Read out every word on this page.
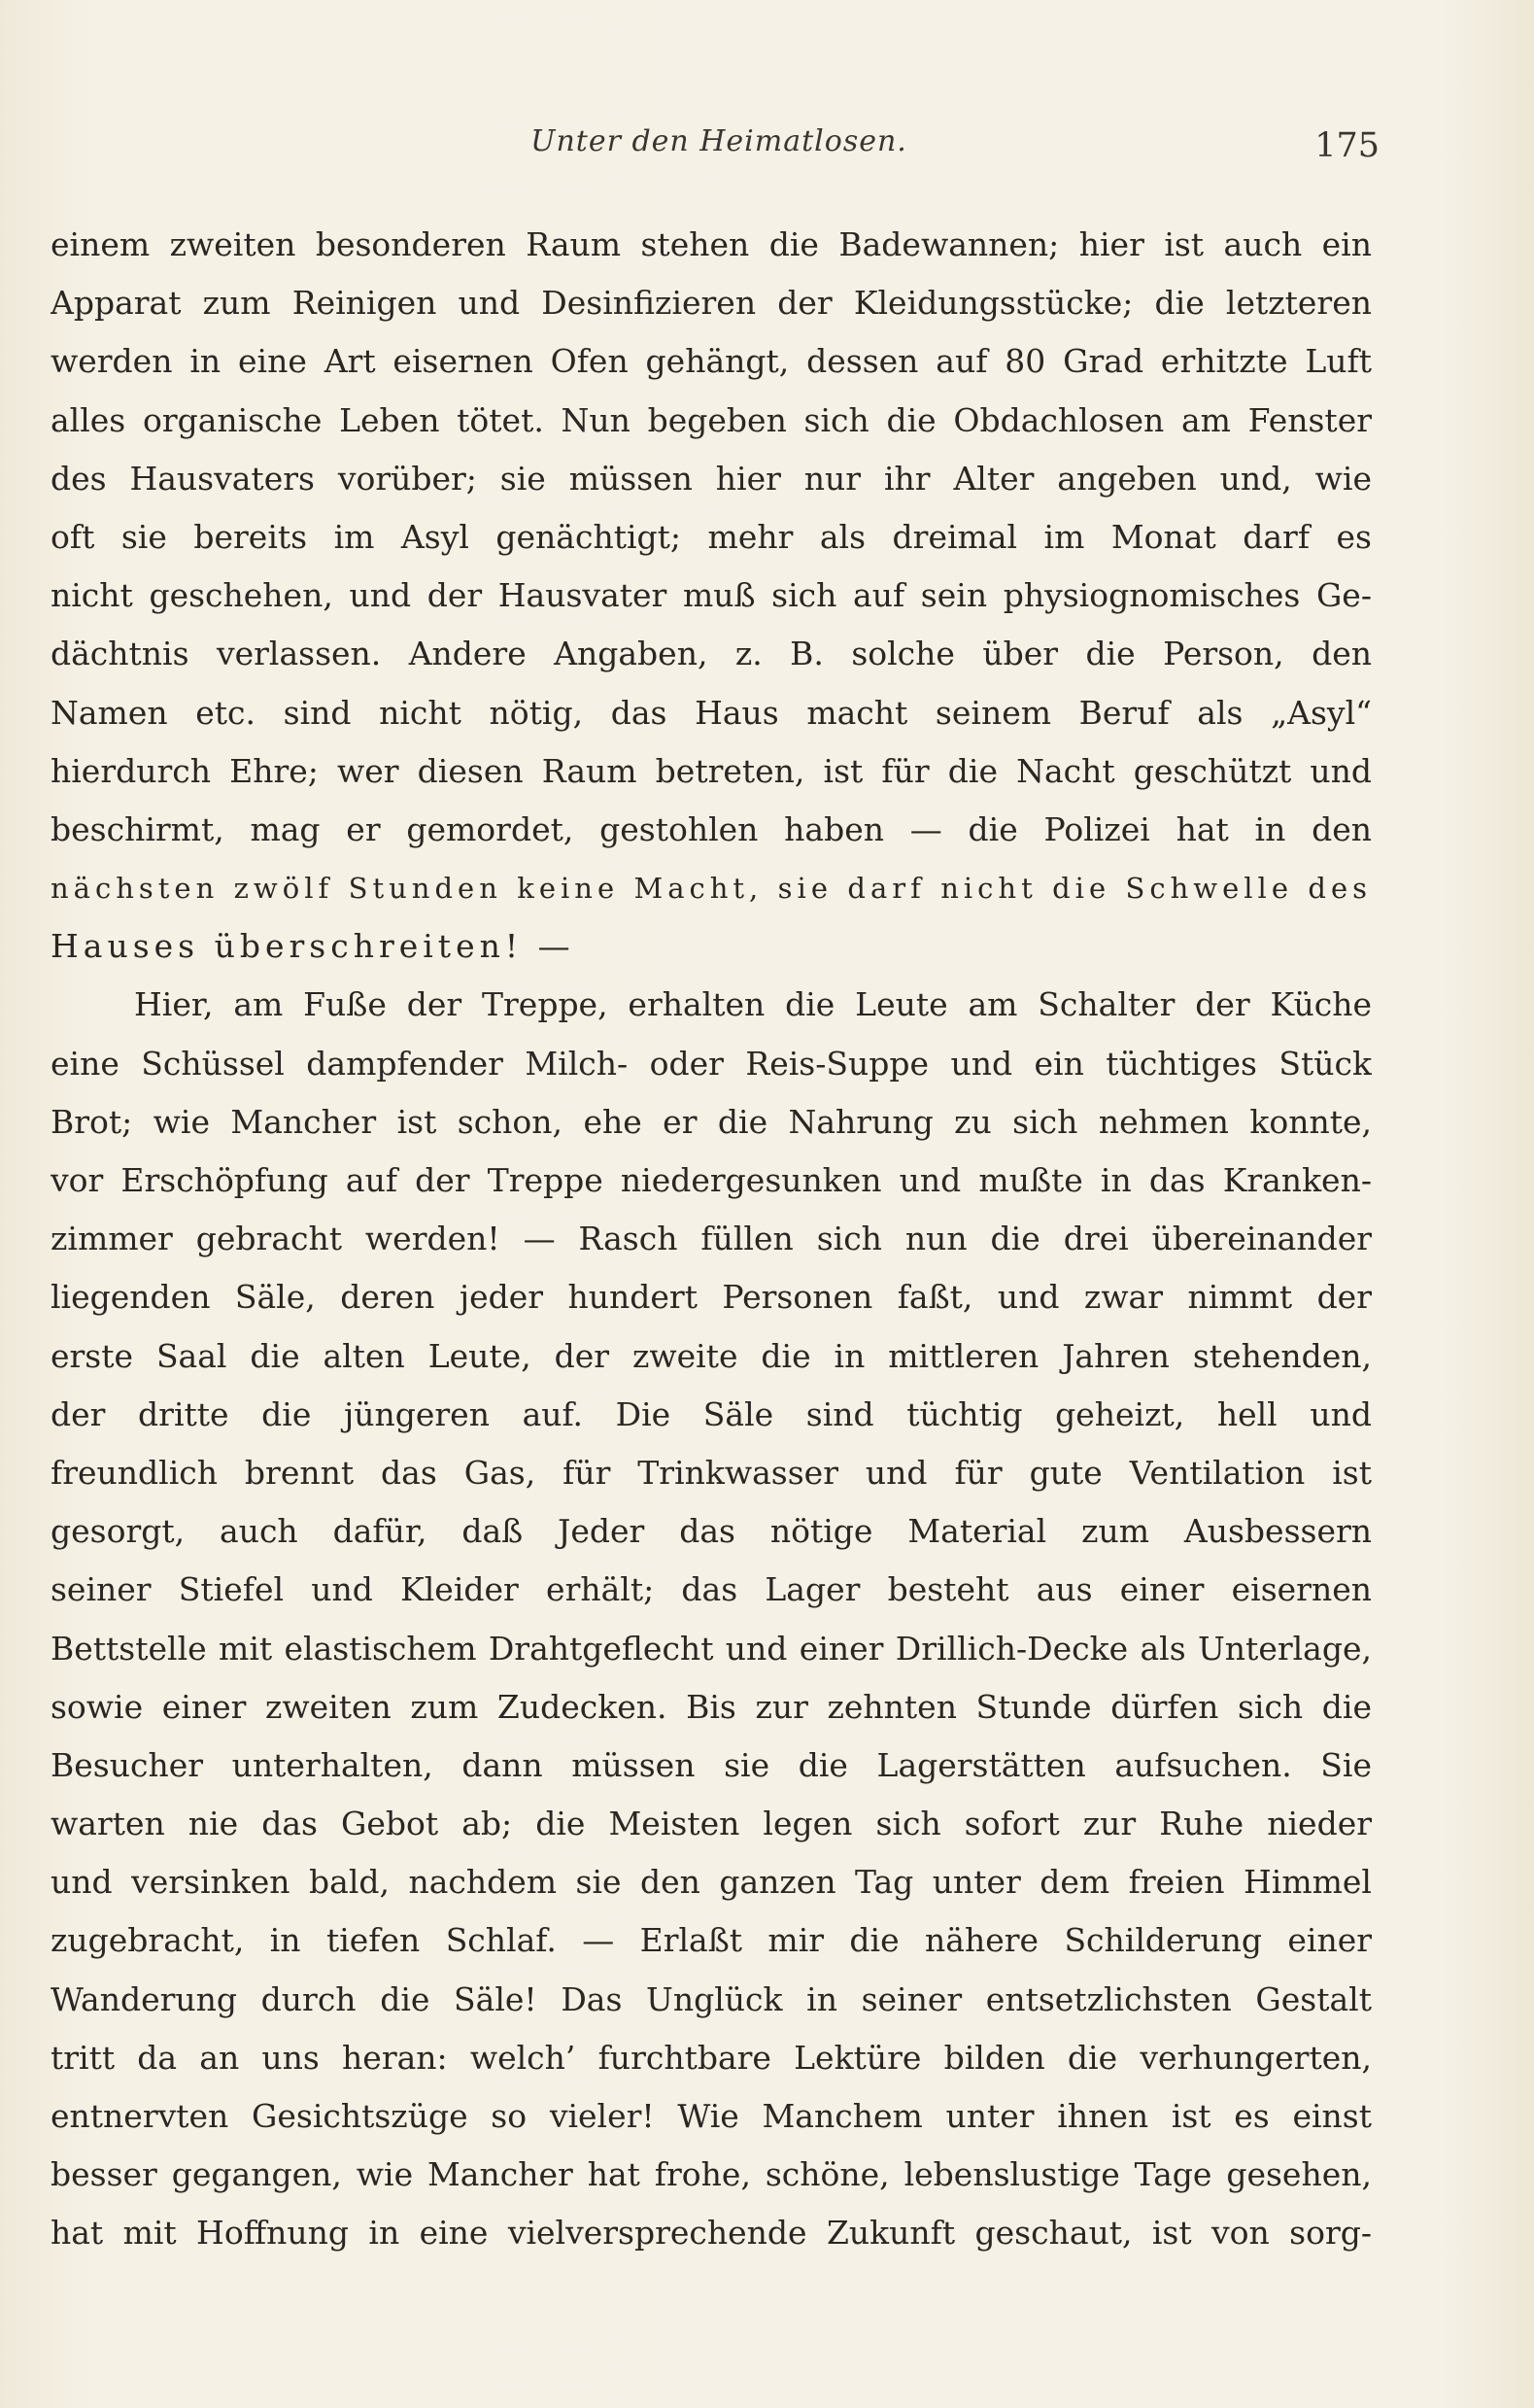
Unter den Heimatlosen.	175
einem zweiten besonderen Raum stehen die Badewannen; hier ist auch ein
Apparat zum Reinigen und Desinfizieren der Kleidungsstücke; die letzteren
werden in eine Art eisernen Ofen gehängt, dessen auf 80 Grad erhitzte Luft
alles organische Leben tötet. Nun begeben sich die Obdachlosen am Fenster
des Hausvaters vorüber; sie müssen hier nur ihr Alter angeben und, wie
oft sie bereits im Asyl genächtigt; mehr als dreimal im Monat darf es
nicht geschehen, und der Hausvater muß sich auf sein physiognomisches Ge-
dächtnis verlassen. Andere Angaben, z. B. solche über die Person, den
Namen etc. sind nicht nötig, das Haus macht seinem Beruf als „Asyl“
hierdurch Ehre; wer diesen Raum betreten, ist für die Nacht geschützt und
beschirmt, mag er gemordet, gestohlen haben — die Polizei hat in den
nächsten zwölf Stunden keine Macht, sie darf nicht die Schwelle des
Hauses überschreiten! —
Hier, am Fuße der Treppe, erhalten die Leute am Schalter der Küche
eine Schüssel dampfender Milch- oder Reis-Suppe und ein tüchtiges Stück
Brot; wie Mancher ist schon, ehe er die Nahrung zu sich nehmen konnte,
vor Erschöpfung auf der Treppe niedergesunken und mußte in das Kranken-
zimmer gebracht werden! — Rasch füllen sich nun die drei übereinander
liegenden Säle, deren jeder hundert Personen faßt, und zwar nimmt der
erste Saal die alten Leute, der zweite die in mittleren Jahren stehenden,
der dritte die jüngeren auf. Die Säle sind tüchtig geheizt, hell und
freundlich brennt das Gas, für Trinkwasser und für gute Ventilation ist
gesorgt, auch dafür, daß Jeder das nötige Material zum Ausbessern
seiner Stiefel und Kleider erhält; das Lager besteht aus einer eisernen
Bettstelle mit elastischem Drahtgeflecht und einer Drillich-Decke als Unterlage,
sowie einer zweiten zum Zudecken. Bis zur zehnten Stunde dürfen sich die
Besucher unterhalten, dann müssen sie die Lagerstätten aufsuchen. Sie
warten nie das Gebot ab; die Meisten legen sich sofort zur Ruhe nieder
und versinken bald, nachdem sie den ganzen Tag unter dem freien Himmel
zugebracht, in tiefen Schlaf. — Erlaßt mir die nähere Schilderung einer
Wanderung durch die Säle! Das Unglück in seiner entsetzlichsten Gestalt
tritt da an uns heran: welch’ furchtbare Lektüre bilden die verhungerten,
entnervten Gesichtszüge so vieler! Wie Manchem unter ihnen ist es einst
besser gegangen, wie Mancher hat frohe, schöne, lebenslustige Tage gesehen,
hat mit Hoffnung in eine vielversprechende Zukunft geschaut, ist von sorg-
